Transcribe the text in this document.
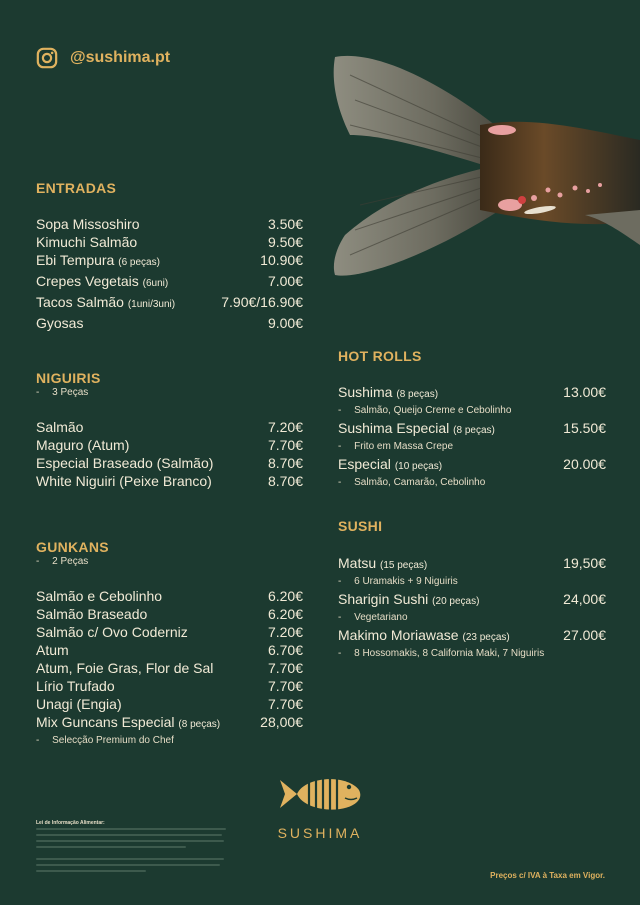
@sushima.pt
ENTRADAS
Sopa Missoshiro	3.50€
Kimuchi Salmão	9.50€
Ebi Tempura (6 peças)	10.90€
Crepes Vegetais (6uni)	7.00€
Tacos Salmão (1uni/3uni)	7.90€/16.90€
Gyosas	9.00€
NIGUIRIS
- 3 Peças
Salmão	7.20€
Maguro (Atum)	7.70€
Especial Braseado (Salmão)	8.70€
White Niguiri (Peixe Branco)	8.70€
GUNKANS
- 2 Peças
Salmão e Cebolinho	6.20€
Salmão Braseado	6.20€
Salmão c/ Ovo Coderniz	7.20€
Atum	6.70€
Atum, Foie Gras, Flor de Sal	7.70€
Lírio Trufado	7.70€
Unagi (Engia)	7.70€
Mix Guncans Especial (8 peças)	28,00€
- Selecção Premium do Chef
HOT ROLLS
Sushima (8 peças)	13.00€
- Salmão, Queijo Creme e Cebolinho
Sushima Especial (8 peças)	15.50€
- Frito em Massa Crepe
Especial (10 peças)	20.00€
- Salmão, Camarão, Cebolinho
SUSHI
Matsu (15 peças)	19,50€
- 6 Uramakis + 9 Niguiris
Sharigin Sushi (20 peças)	24,00€
- Vegetariano
Makimo Moriawase (23 peças)	27.00€
- 8 Hossomakis, 8 California Maki, 7 Niguiris
SUSHIMA
Lei de Informação Alimentar:
Preços c/ IVA à Taxa em Vigor.
